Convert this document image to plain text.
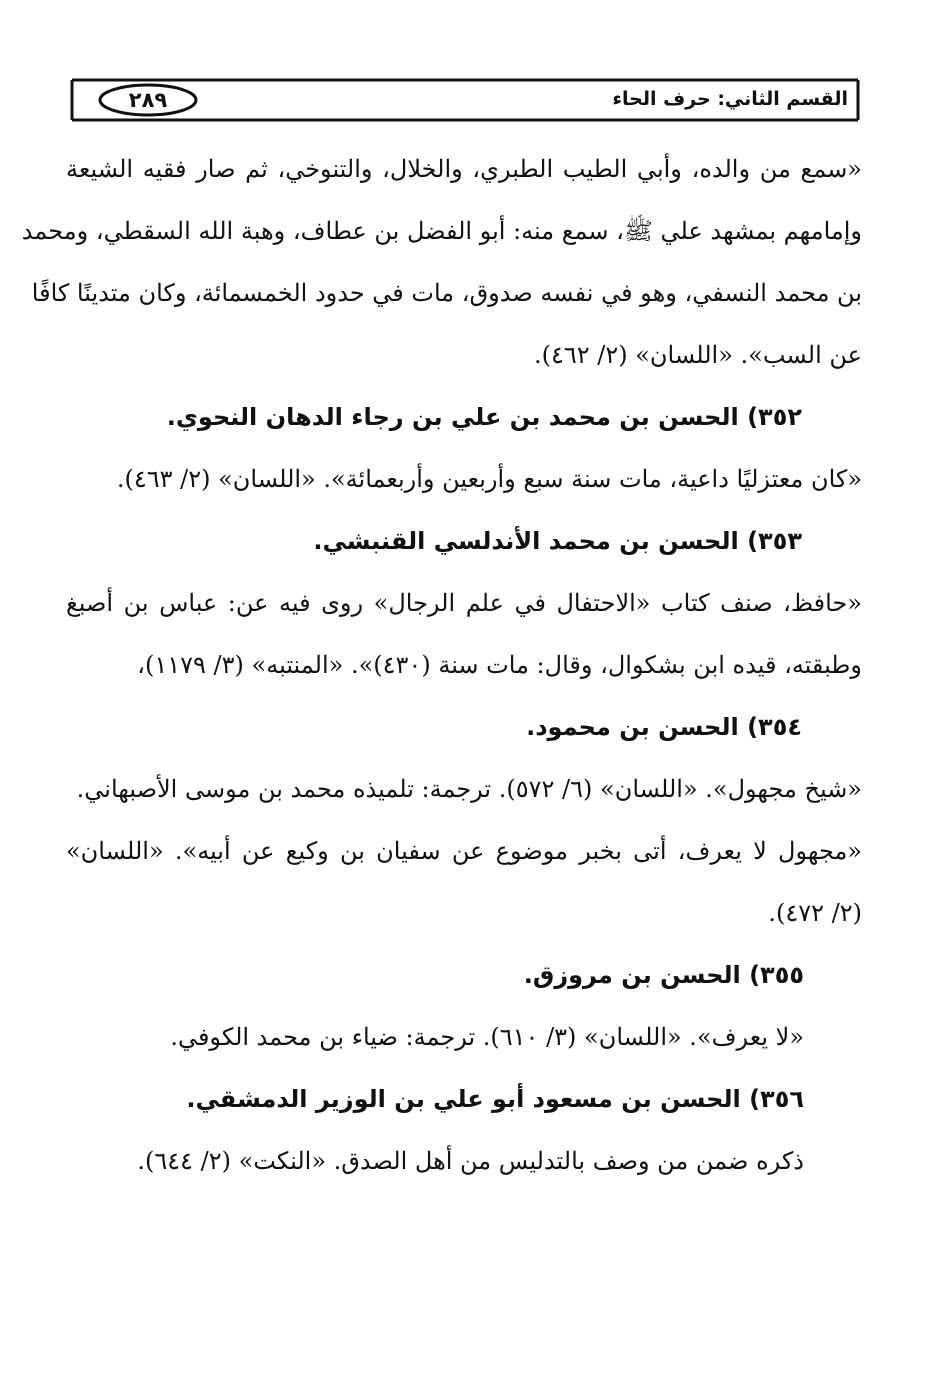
القسم الثاني: حرف الحاء
٢٨٩
«سمع من والده، وأبي الطيب الطبري، والخلال، والتنوخي، ثم صار فقيه الشيعة
وإمامهم بمشهد علي ﷺ، سمع منه: أبو الفضل بن عطاف، وهبة الله السقطي، ومحمد
بن محمد النسفي، وهو في نفسه صدوق، مات في حدود الخمسمائة، وكان متدينًا كافًا
عن السب». «اللسان» (٢/ ٤٦٢).
٣٥٢) الحسن بن محمد بن علي بن رجاء الدهان النحوي.
«كان معتزليًا داعية، مات سنة سبع وأربعين وأربعمائة». «اللسان» (٢/ ٤٦٣).
٣٥٣) الحسن بن محمد الأندلسي القنبشي.
«حافظ، صنف كتاب «الاحتفال في علم الرجال» روى فيه عن: عباس بن أصبغ
وطبقته، قيده ابن بشكوال، وقال: مات سنة (٤٣٠)». «المنتبه» (٣/ ١١٧٩)،
٣٥٤) الحسن بن محمود.
«شيخ مجهول». «اللسان» (٦/ ٥٧٢). ترجمة: تلميذه محمد بن موسى الأصبهاني.
«مجهول لا يعرف، أتى بخبر موضوع عن سفيان بن وكيع عن أبيه». «اللسان»
(٢/ ٤٧٢).
٣٥٥) الحسن بن مروزق.
«لا يعرف». «اللسان» (٣/ ٦١٠). ترجمة: ضياء بن محمد الكوفي.
٣٥٦) الحسن بن مسعود أبو علي بن الوزير الدمشقي.
ذكره ضمن من وصف بالتدليس من أهل الصدق. «النكت» (٢/ ٦٤٤).
